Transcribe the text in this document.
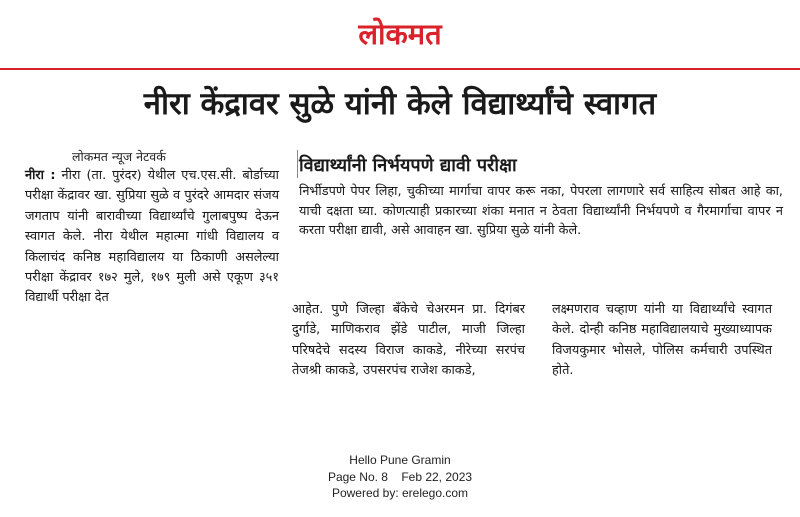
लोकमत
नीरा केंद्रावर सुळे यांनी केले विद्यार्थ्यांचे स्वागत
लोकमत न्यूज नेटवर्क
नीरा : नीरा (ता. पुरंदर) येथील एच.एस.सी. बोर्डाच्या परीक्षा केंद्रावर खा. सुप्रिया सुळे व पुरंदरे आमदार संजय जगताप यांनी बारावीच्या विद्यार्थ्यांचे गुलाबपुष्प देऊन स्वागत केले. नीरा येथील महात्मा गांधी विद्यालय व किलाचंद कनिष्ठ महाविद्यालय या ठिकाणी असलेल्या परीक्षा केंद्रावर १७२ मुले, १७९ मुली असे एकूण ३५१ विद्यार्थी परीक्षा देत
विद्यार्थ्यांनी निर्भयपणे द्यावी परीक्षा
निर्भीडपणे पेपर लिहा, चुकीच्या मार्गाचा वापर करू नका, पेपरला लागणारे सर्व साहित्य सोबत आहे का, याची दक्षता घ्या. कोणत्याही प्रकारच्या शंका मनात न ठेवता विद्यार्थ्यांनी निर्भयपणे व गैरमार्गाचा वापर न करता परीक्षा द्यावी, असे आवाहन खा. सुप्रिया सुळे यांनी केले.
आहेत. पुणे जिल्हा बँकेचे चेअरमन प्रा. दिगंबर दुर्गाडे, माणिकराव झेंडे पाटील, माजी जिल्हा परिषदेचे सदस्य विराज काकडे, नीरेच्या सरपंच तेजश्री काकडे, उपसरपंच राजेश काकडे,
लक्ष्मणराव चव्हाण यांनी या विद्यार्थ्यांचे स्वागत केले. दोन्ही कनिष्ठ महाविद्यालयाचे मुख्याध्यापक विजयकुमार भोसले, पोलिस कर्मचारी उपस्थित होते.
Hello Pune Gramin
Page No. 8    Feb 22, 2023
Powered by: erelego.com
